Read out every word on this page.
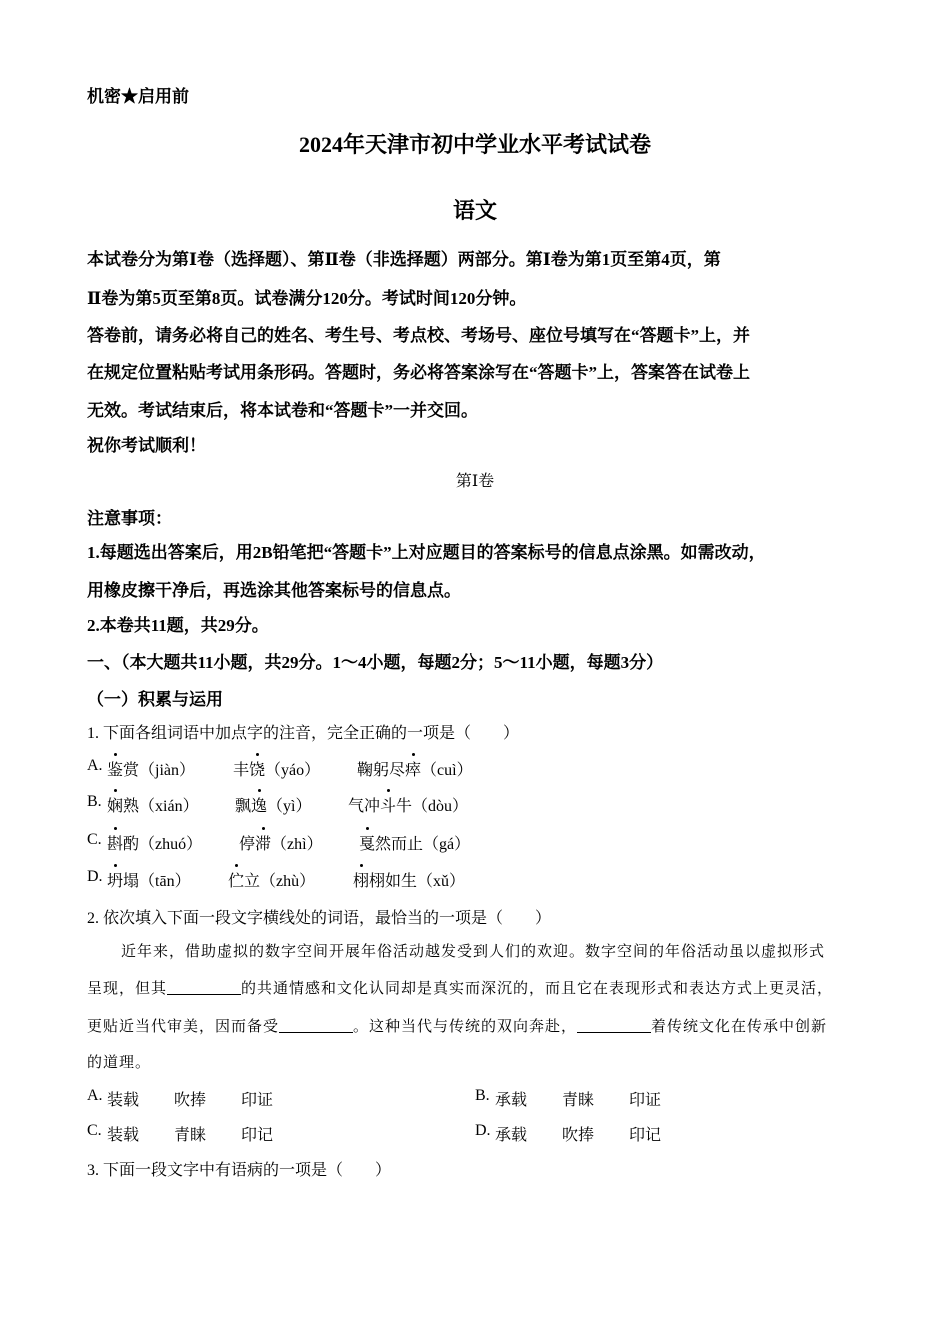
机密★启用前
2024年天津市初中学业水平考试试卷
语文
本试卷分为第Ⅰ卷（选择题）、第Ⅱ卷（非选择题）两部分。第Ⅰ卷为第1页至第4页，第
Ⅱ卷为第5页至第8页。试卷满分120分。考试时间120分钟。
答卷前，请务必将自己的姓名、考生号、考点校、考场号、座位号填写在“答题卡”上，并
在规定位置粘贴考试用条形码。答题时，务必将答案涂写在“答题卡”上，答案答在试卷上
无效。考试结束后，将本试卷和“答题卡”一并交回。
祝你考试顺利！
第Ⅰ卷
注意事项：
1.每题选出答案后，用2B铅笔把“答题卡”上对应题目的答案标号的信息点涂黑。如需改动，
用橡皮擦干净后，再选涂其他答案标号的信息点。
2.本卷共11题，共29分。
一、（本大题共11小题，共29分。1～4小题，每题2分；5～11小题，每题3分）
（一）积累与运用
1. 下面各组词语中加点字的注音，完全正确的一项是（　　）
A. 鉴赏（jiàn） 丰饶（yáo） 鞠躬尽瘁（cuì）
B. 娴熟（xián） 飘逸（yì） 气冲斗牛（dòu）
C. 斟酌（zhuó） 停滞（zhì） 戛然而止（gá）
D. 坍塌（tān） 伫立（zhù） 栩栩如生（xǔ）
2. 依次填入下面一段文字横线处的词语，最恰当的一项是（　　）
近年来，借助虚拟的数字空间开展年俗活动越发受到人们的欢迎。数字空间的年俗活动虽以虚拟形式
呈现，但其	的共通情感和文化认同却是真实而深沉的，而且它在表现形式和表达方式上更灵活，
更贴近当代审美，因而备受	。这种当代与传统的双向奔赴，	着传统文化在传承中创新
的道理。
A. 装载 吹捧 印证	B. 承载 青睐 印证
C. 装载 青睐 印记	D. 承载 吹捧 印记
3. 下面一段文字中有语病的一项是（　　）
